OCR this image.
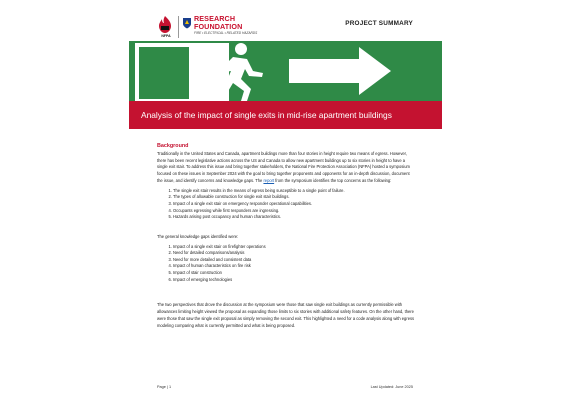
NFPA
RESEARCH
FOUNDATION
FIRE • ELECTRICAL • RELATED HAZARDS
PROJECT SUMMARY
Analysis of the impact of single exits in mid-rise apartment buildings
Background

Traditionally in the United States and Canada, apartment buildings more than four stories in height require two means of egress. However, there has been recent legislative actions across the US and Canada to allow new apartment buildings up to six stories in height to have a single exit stair. To address this issue and bring together stakeholders, the National Fire Protection Association (NFPA) hosted a symposium focused on these issues in September 2024 with the goal to bring together proponents and opponents for an in-depth discussion, document the issue, and identify concerns and knowledge gaps. The report from the symposium identifies the top concerns as the following:

1. The single exit stair results in the means of egress being susceptible to a single point of failure.
2. The types of allowable construction for single exit stair buildings.
3. Impact of a single exit stair on emergency responder operational capabilities.
4. Occupants egressing while first responders are ingressing.
5. Hazards arising post occupancy and human characteristics.

The general knowledge gaps identified were:

1. Impact of a single exit stair on firefighter operations
2. Need for detailed comparisons/analysis
3. Need for more detailed and consistent data
4. Impact of human characteristics on fire risk
5. Impact of stair construction
6. Impact of emerging technologies

The two perspectives that drove the discussion at the symposium were those that saw single exit buildings as currently permissible with allowances limiting height viewed the proposal as expanding those limits to six stories with additional safety features. On the other hand, there were those that saw the single exit proposal as simply removing the second exit. This highlighted a need for a code analysis along with egress modeling comparing what is currently permitted and what is being proposed.

Page | 1	Last Updated: June 2025
